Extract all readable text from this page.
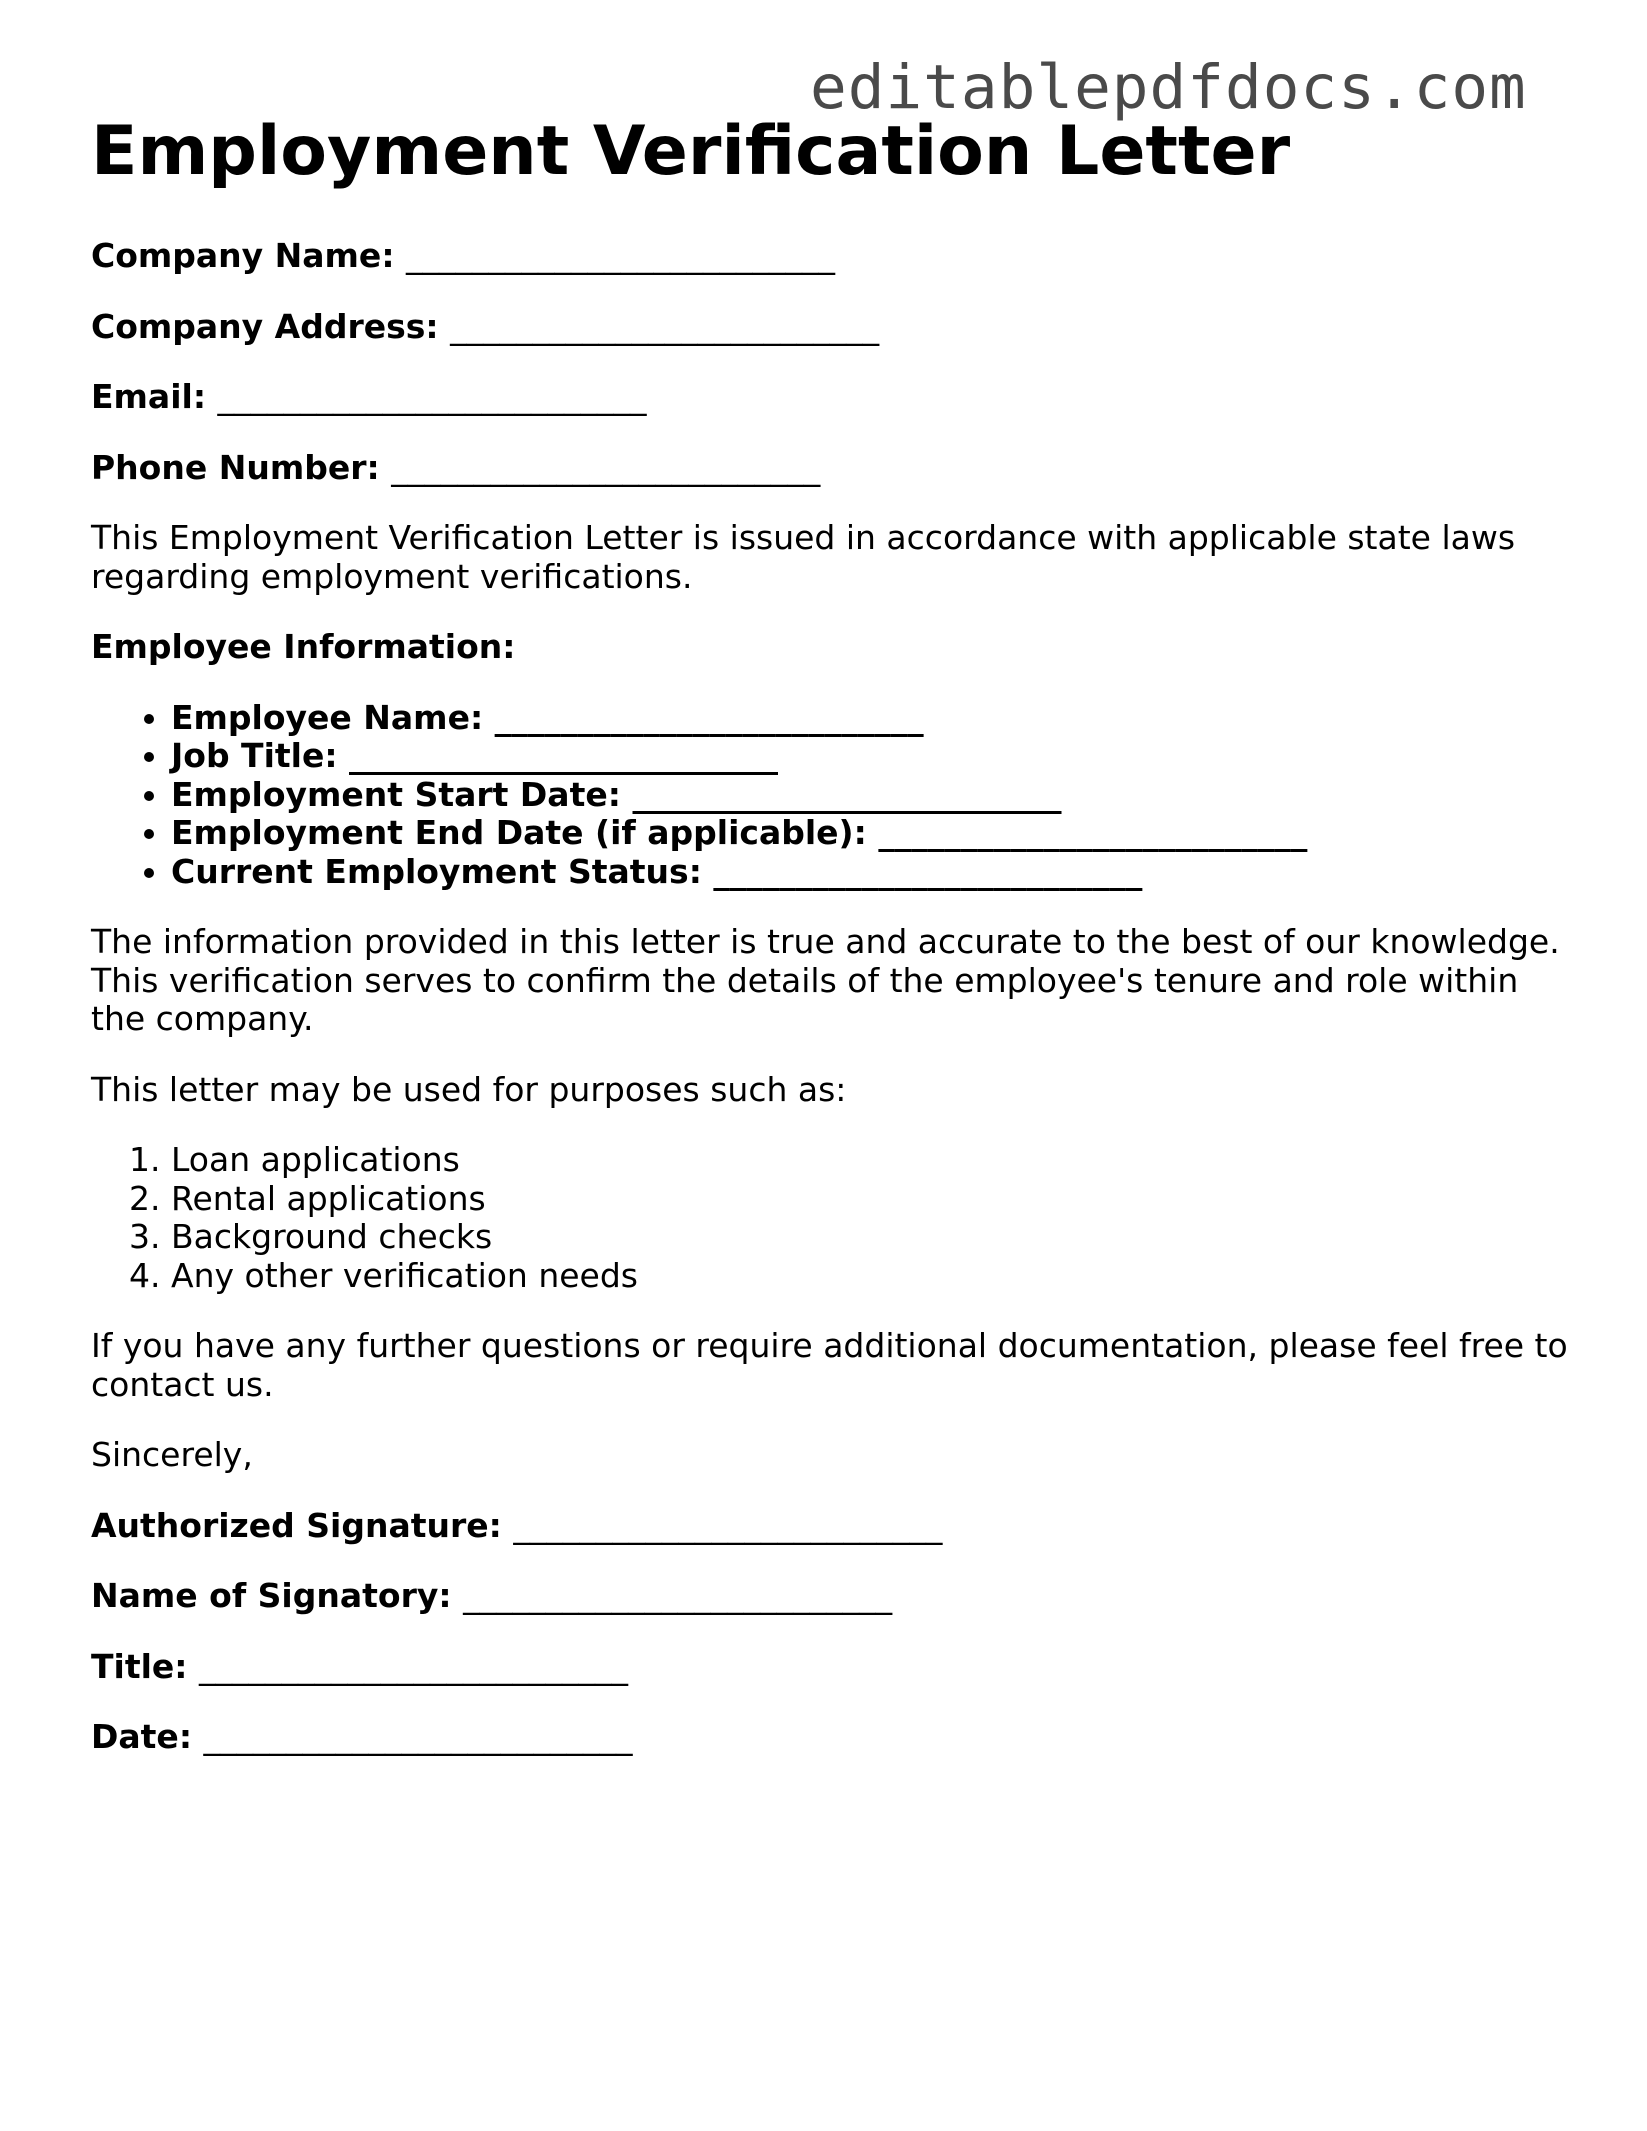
editablepdfdocs.com
Employment Verification Letter

Company Name: __________________________

Company Address: __________________________

Email: __________________________

Phone Number: __________________________

This Employment Verification Letter is issued in accordance with applicable state laws regarding employment verifications.

Employee Information:

• Employee Name: __________________________
• Job Title: __________________________
• Employment Start Date: __________________________
• Employment End Date (if applicable): __________________________
• Current Employment Status: __________________________

The information provided in this letter is true and accurate to the best of our knowledge. This verification serves to confirm the details of the employee's tenure and role within the company.

This letter may be used for purposes such as:

1. Loan applications
2. Rental applications
3. Background checks
4. Any other verification needs

If you have any further questions or require additional documentation, please feel free to contact us.

Sincerely,

Authorized Signature: __________________________

Name of Signatory: __________________________

Title: __________________________

Date: __________________________
